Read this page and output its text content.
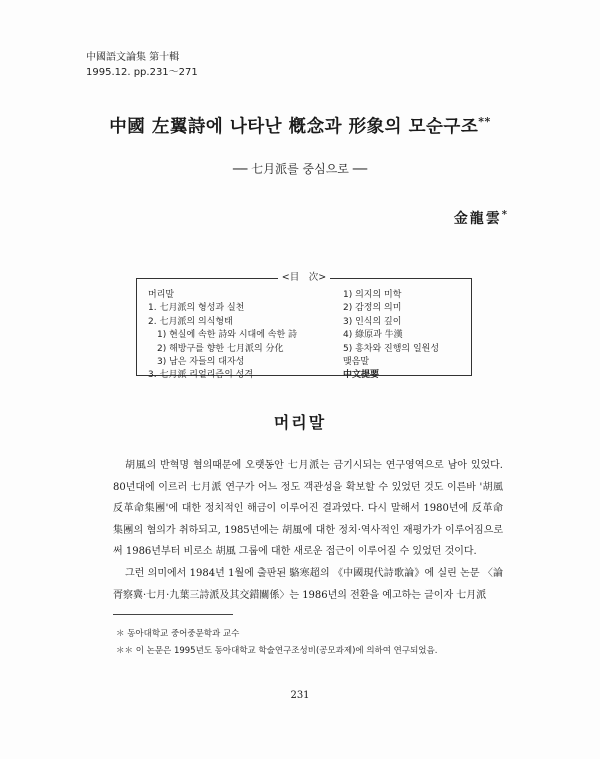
中國語文論集 第十輯
1995.12. pp.231～271
中國 左翼詩에 나타난 槪念과 形象의 모순구조**
── 七月派를 중심으로 ──
金龍雲*
<目　次>
머리말
1. 七月派의 형성과 실천
2. 七月派의 의식형태
1) 현실에 속한 詩와 시대에 속한 詩
2) 해방구를 향한 七月派의 分化
3) 남은 자들의 대자성
3. 七月派 리얼리즘의 성격
1) 의지의 미학
2) 감정의 의미
3) 인식의 깊이
4) 綠原과 牛漢
5) 흥차와 진행의 일원성
맺음말
中文提要
머리말

胡風의 반혁명 혐의때문에 오랫동안 七月派는 금기시되는 연구영역으로 남아 있었다. 80년대에 이르러 七月派 연구가 어느 정도 객관성을 확보할 수 있었던 것도 이른바 '胡風反革命集團'에 대한 정치적인 해금이 이루어진 결과였다. 다시 말해서 1980년에 反革命集團의 혐의가 취하되고, 1985년에는 胡風에 대한 정치·역사적인 재평가가 이루어짐으로써 1986년부터 비로소 胡風 그룹에 대한 새로운 접근이 이루어질 수 있었던 것이다.

그런 의미에서 1984년 1월에 출판된 駱寒超의 《中國現代詩歌論》에 실린 논문 〈論胥察冀·七月·九葉三詩派及其交錯關係〉는 1986년의 전환을 예고하는 글이자 七月派

＊ 동아대학교 중어중문학과 교수
＊＊ 이 논문은 1995년도 동아대학교 학술연구조성비(공모과제)에 의하여 연구되었음.
231
